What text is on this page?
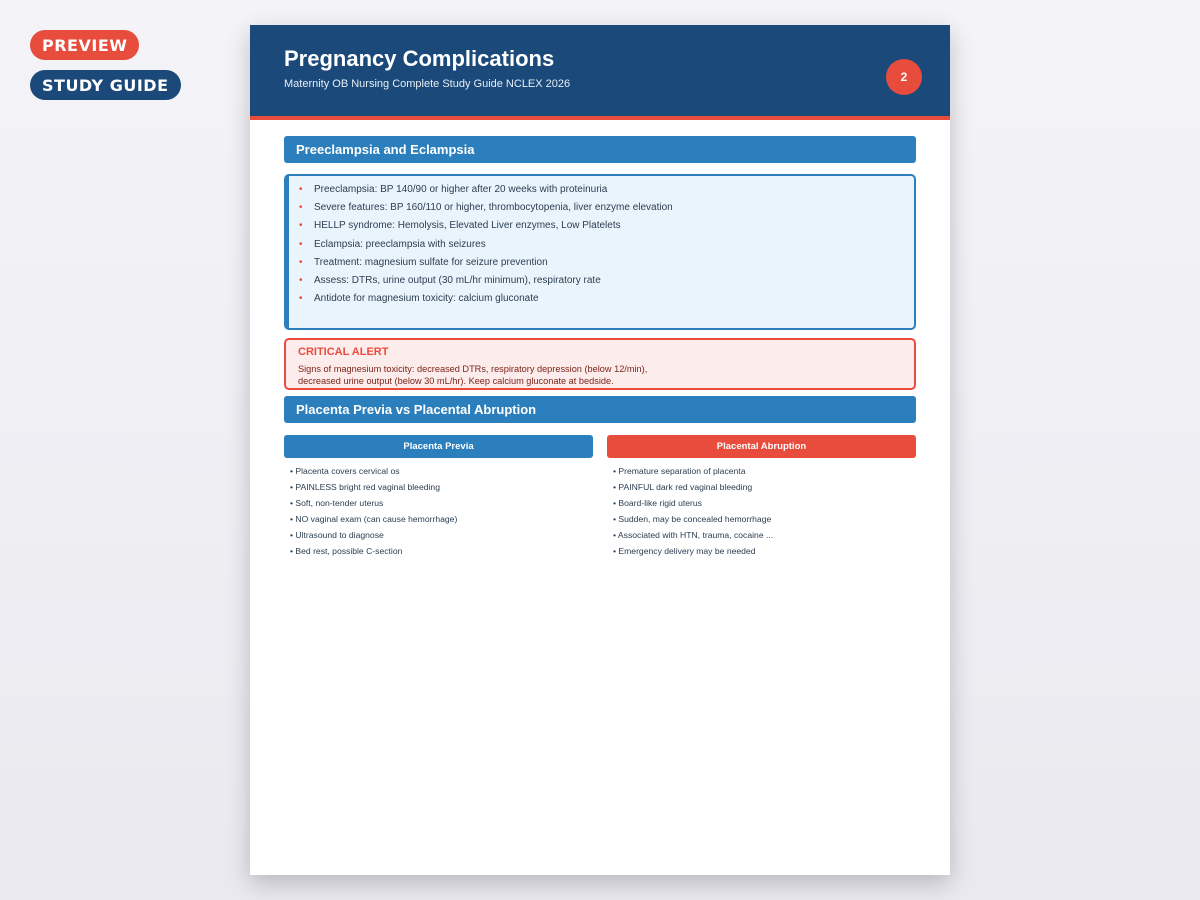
PREVIEW
STUDY GUIDE
Pregnancy Complications
Maternity OB Nursing Complete Study Guide NCLEX 2026	2
Preeclampsia and Eclampsia
• Preeclampsia: BP 140/90 or higher after 20 weeks with proteinuria
• Severe features: BP 160/110 or higher, thrombocytopenia, liver enzyme elevation
• HELLP syndrome: Hemolysis, Elevated Liver enzymes, Low Platelets
• Eclampsia: preeclampsia with seizures
• Treatment: magnesium sulfate for seizure prevention
• Assess: DTRs, urine output (30 mL/hr minimum), respiratory rate
• Antidote for magnesium toxicity: calcium gluconate
CRITICAL ALERT
Signs of magnesium toxicity: decreased DTRs, respiratory depression (below 12/min), decreased urine output (below 30 mL/hr). Keep calcium gluconate at bedside.
Placenta Previa vs Placental Abruption
Placenta Previa	Placental Abruption
• Placenta covers cervical os
• PAINLESS bright red vaginal bleeding
• Soft, non-tender uterus
• NO vaginal exam (can cause hemorrhage)
• Ultrasound to diagnose
• Bed rest, possible C-section
• Premature separation of placenta
• PAINFUL dark red vaginal bleeding
• Board-like rigid uterus
• Sudden, may be concealed hemorrhage
• Associated with HTN, trauma, cocaine ...
• Emergency delivery may be needed
